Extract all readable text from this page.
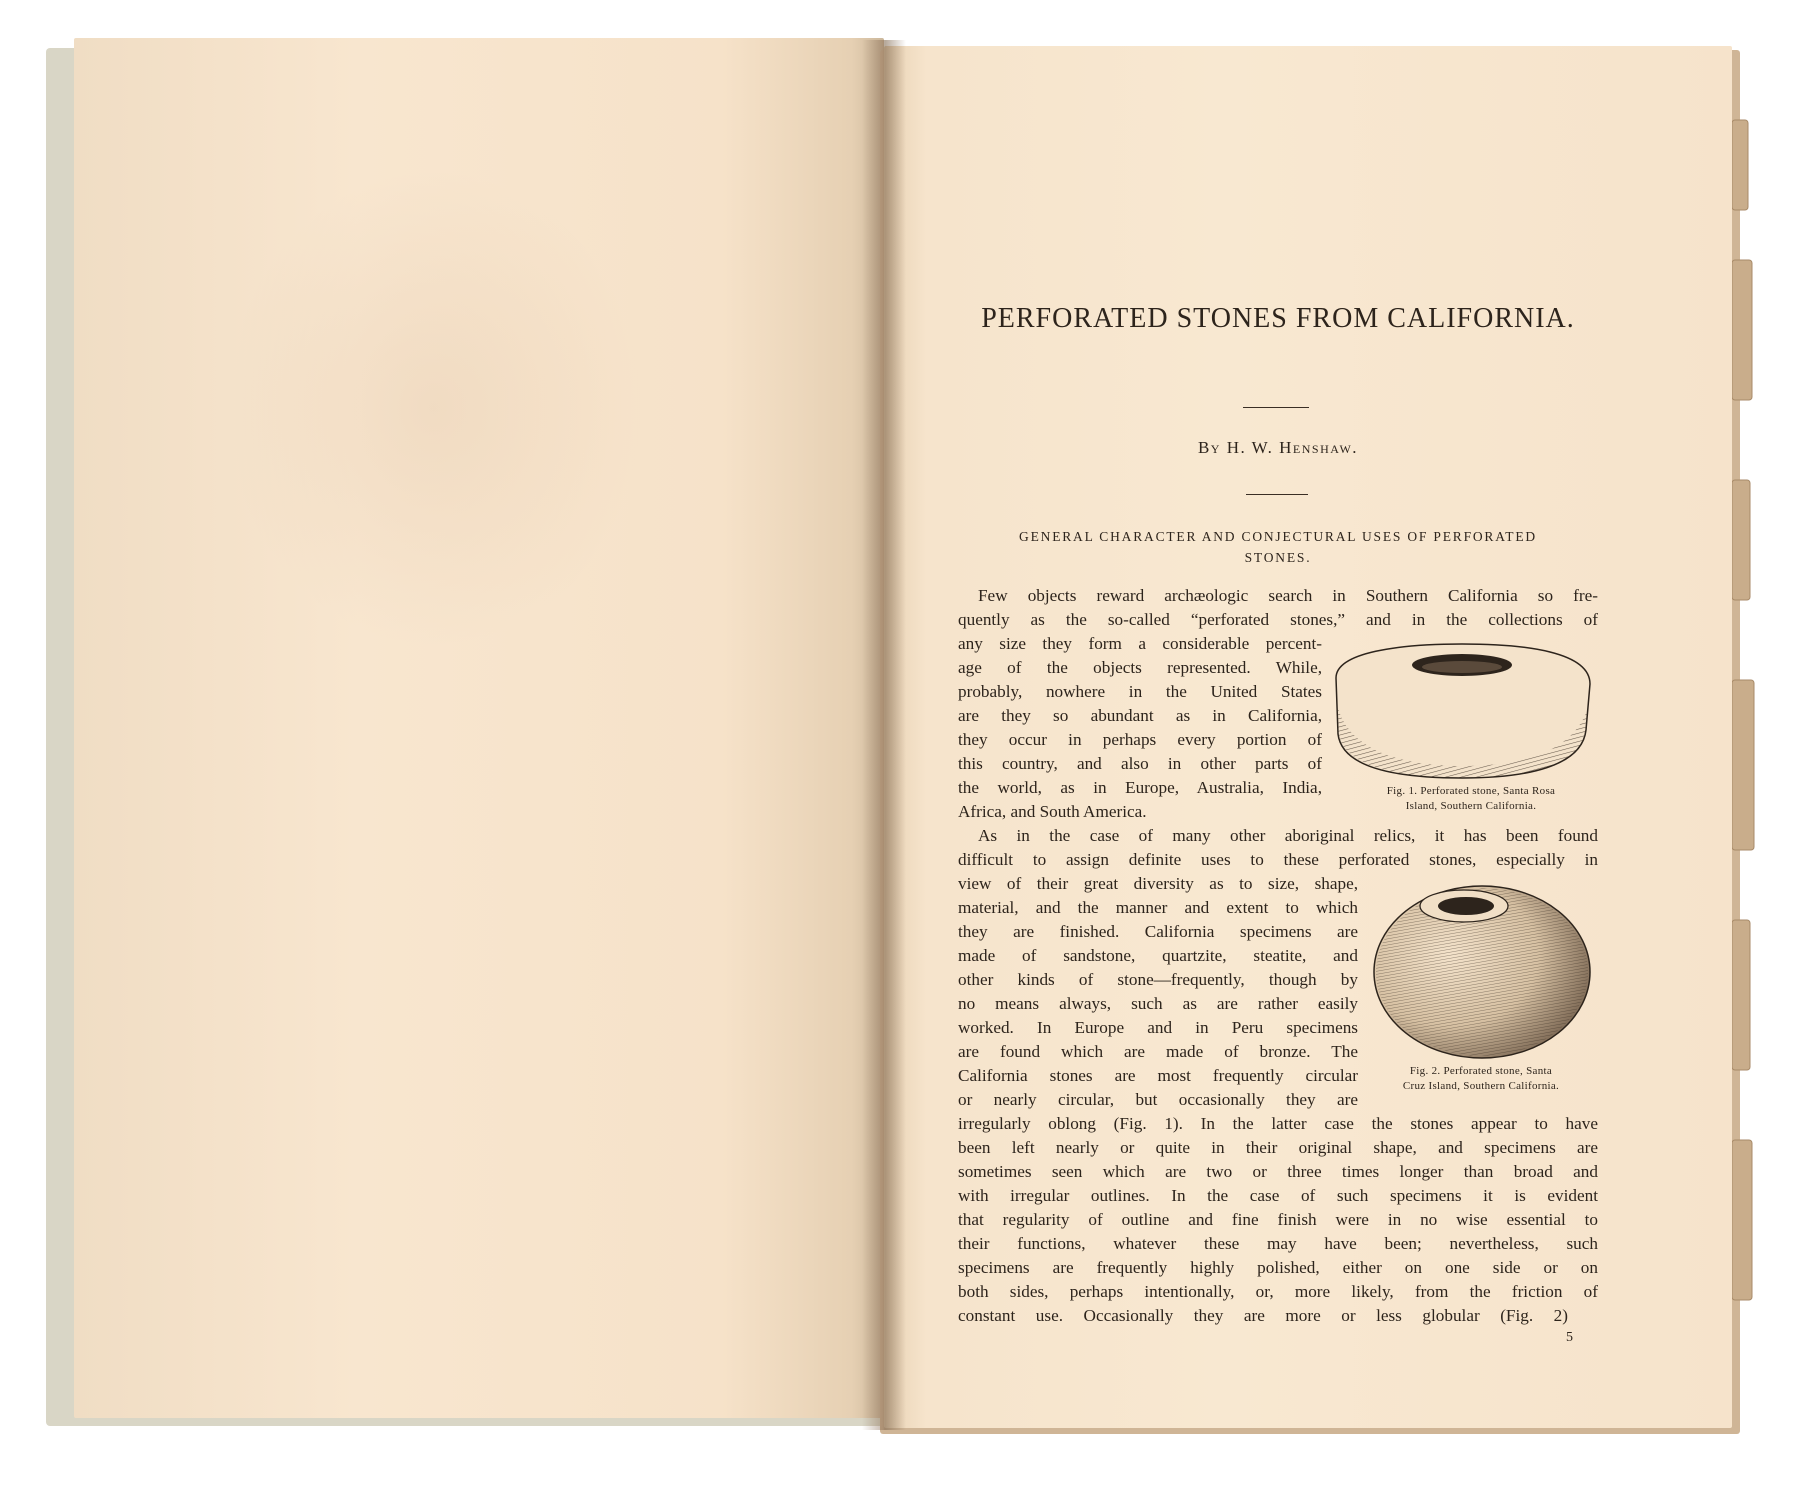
PERFORATED STONES FROM CALIFORNIA.
By H. W. Henshaw.
GENERAL CHARACTER AND CONJECTURAL USES OF PERFORATED
STONES.
Few objects reward archæologic search in Southern California so fre-
quently as the so-called “perforated stones,” and in the collections of
any size they form a considerable percent-
age of the objects represented. While,
probably, nowhere in the United States
are they so abundant as in California,
they occur in perhaps every portion of
this country, and also in other parts of
the world, as in Europe, Australia, India,
Africa, and South America.
Fig. 1. Perforated stone, Santa Rosa
Island, Southern California.
As in the case of many other aboriginal relics, it has been found
difficult to assign definite uses to these perforated stones, especially in
view of their great diversity as to size, shape,
material, and the manner and extent to which
they are finished. California specimens are
made of sandstone, quartzite, steatite, and
other kinds of stone—frequently, though by
no means always, such as are rather easily
worked. In Europe and in Peru specimens
are found which are made of bronze. The
California stones are most frequently circular
or nearly circular, but occasionally they are
Fig. 2. Perforated stone, Santa
Cruz Island, Southern California.
irregularly oblong (Fig. 1). In the latter case the stones appear to have
been left nearly or quite in their original shape, and specimens are
sometimes seen which are two or three times longer than broad and
with irregular outlines. In the case of such specimens it is evident
that regularity of outline and fine finish were in no wise essential to
their functions, whatever these may have been; nevertheless, such
specimens are frequently highly polished, either on one side or on
both sides, perhaps intentionally, or, more likely, from the friction of
constant use. Occasionally they are more or less globular (Fig. 2)
5
